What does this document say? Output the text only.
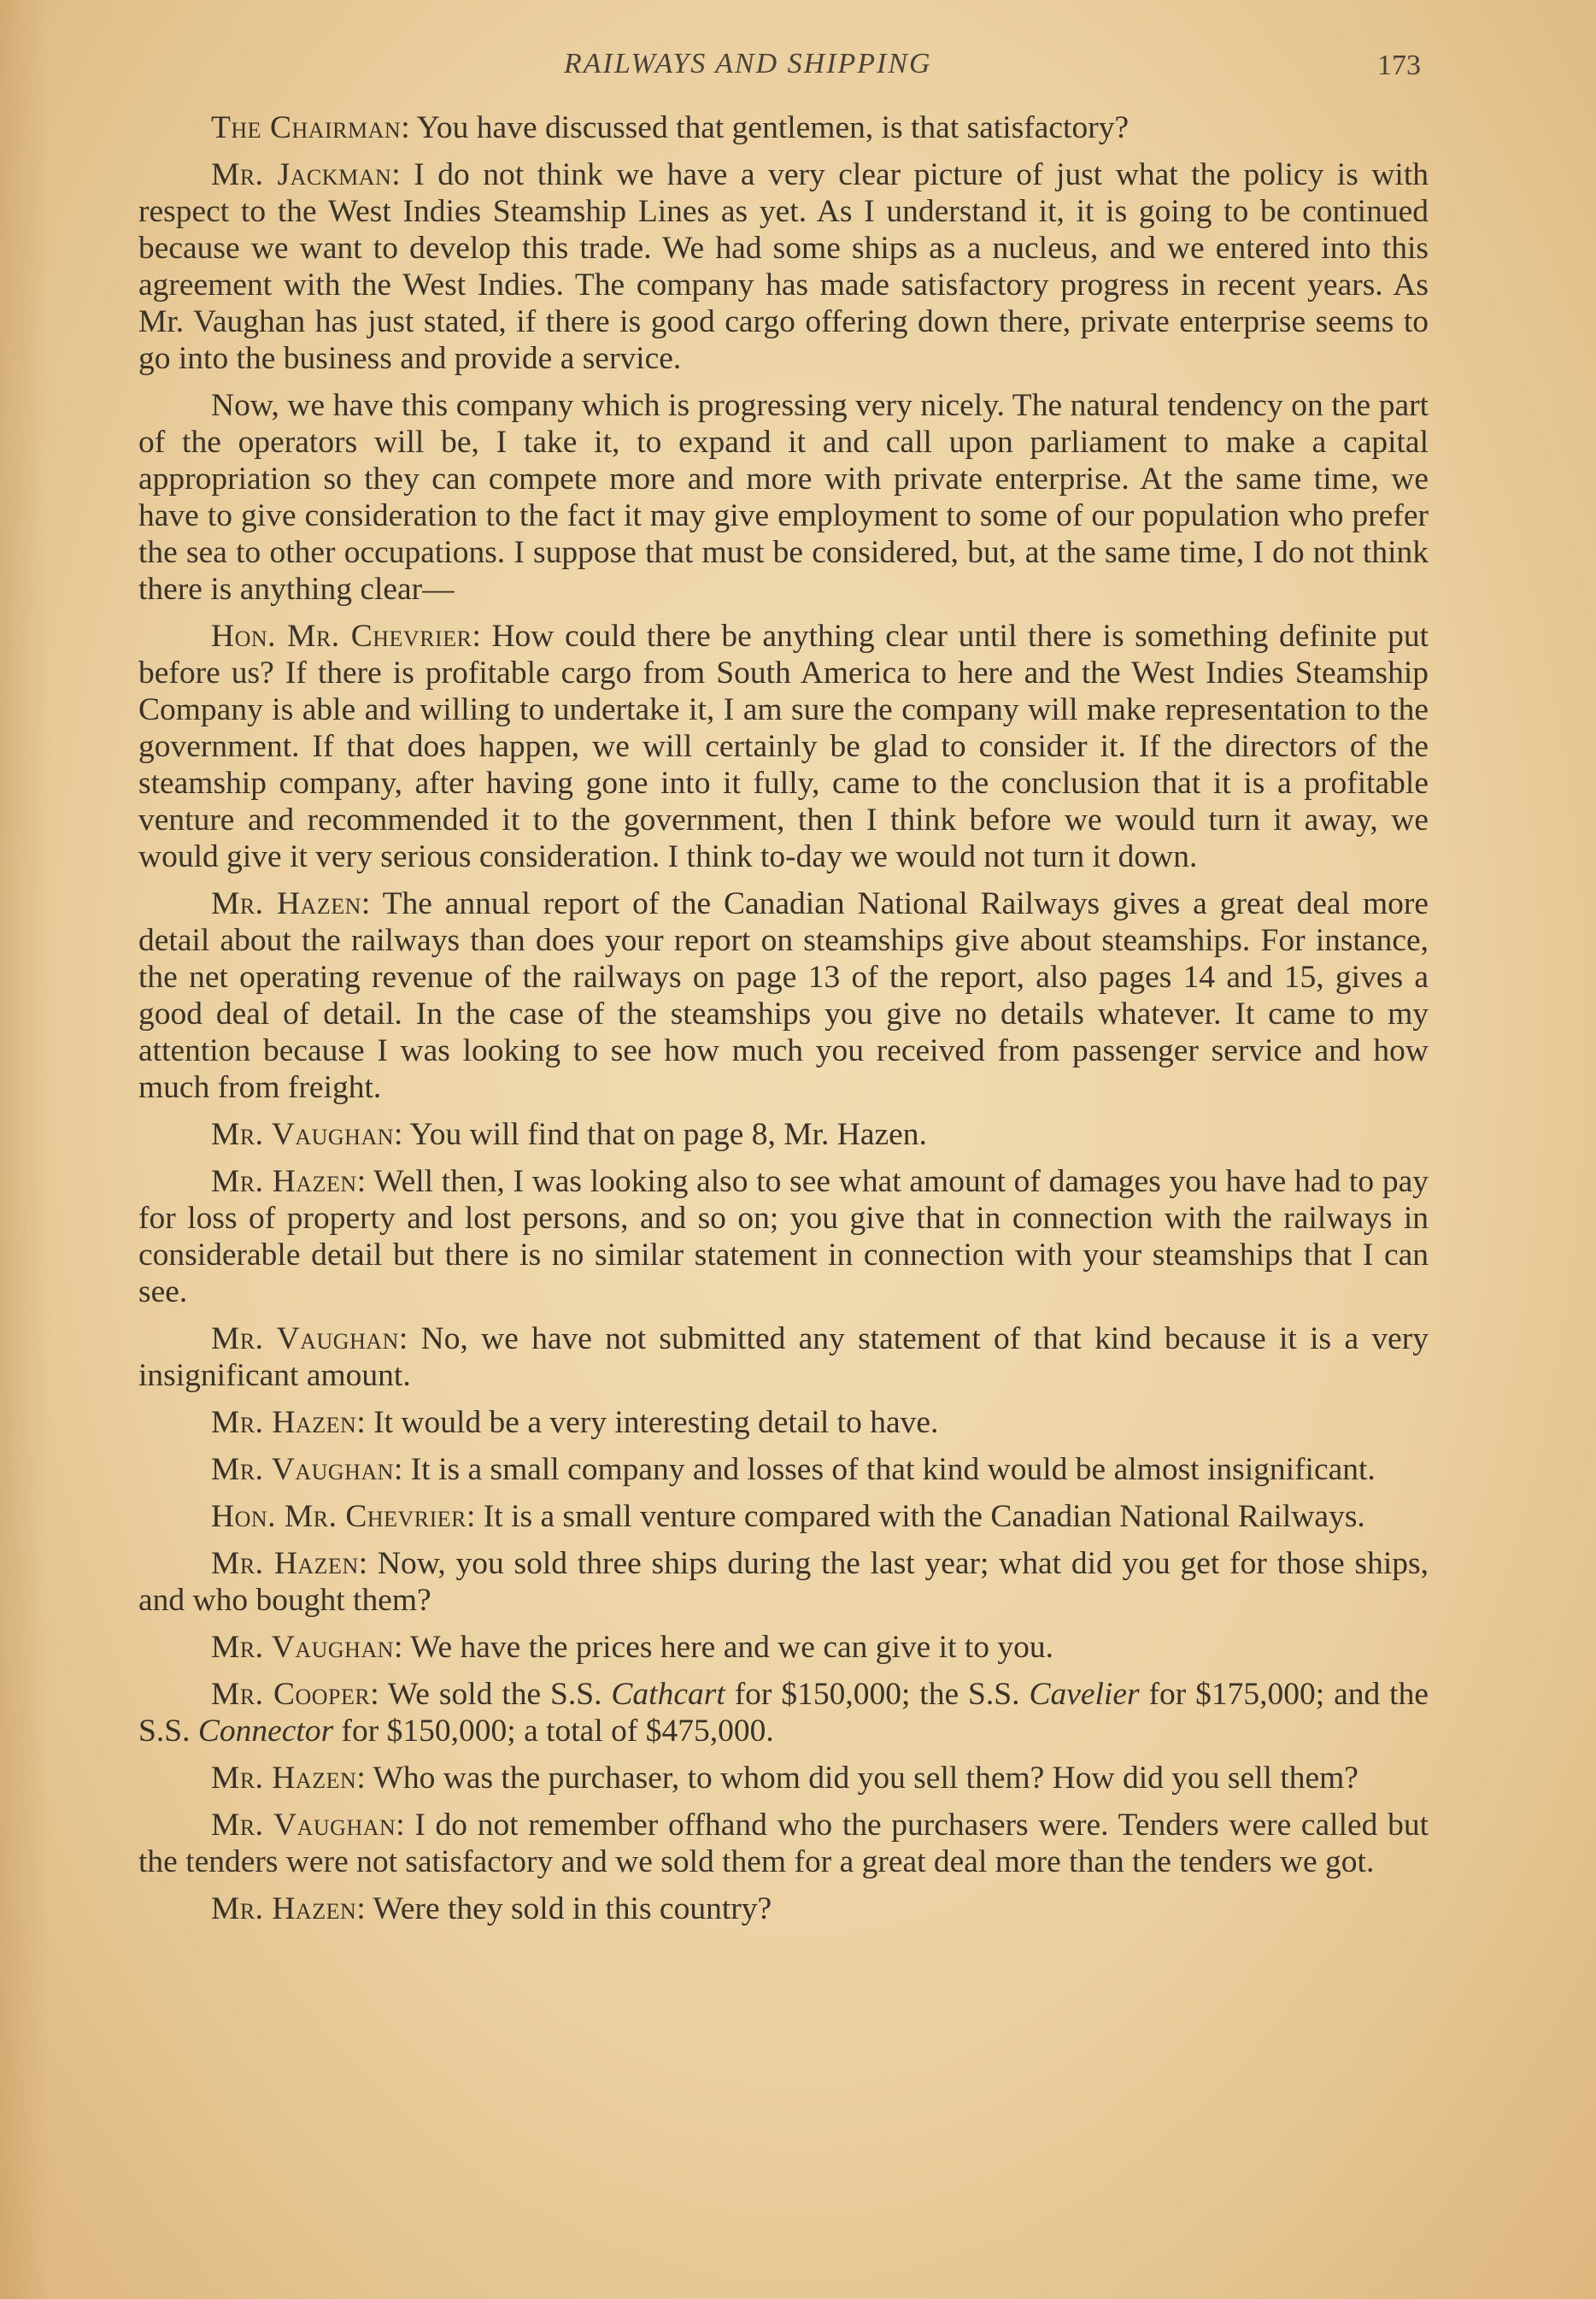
RAILWAYS AND SHIPPING	173

The Chairman: You have discussed that gentlemen, is that satisfactory?

Mr. Jackman: I do not think we have a very clear picture of just what the policy is with respect to the West Indies Steamship Lines as yet. As I understand it, it is going to be continued because we want to develop this trade. We had some ships as a nucleus, and we entered into this agreement with the West Indies. The company has made satisfactory progress in recent years. As Mr. Vaughan has just stated, if there is good cargo offering down there, private enterprise seems to go into the business and provide a service.

Now, we have this company which is progressing very nicely. The natural tendency on the part of the operators will be, I take it, to expand it and call upon parliament to make a capital appropriation so they can compete more and more with private enterprise. At the same time, we have to give consideration to the fact it may give employment to some of our population who prefer the sea to other occupations. I suppose that must be considered, but, at the same time, I do not think there is anything clear—

Hon. Mr. Chevrier: How could there be anything clear until there is something definite put before us? If there is profitable cargo from South America to here and the West Indies Steamship Company is able and willing to undertake it, I am sure the company will make representation to the government. If that does happen, we will certainly be glad to consider it. If the directors of the steamship company, after having gone into it fully, came to the conclusion that it is a profitable venture and recommended it to the government, then I think before we would turn it away, we would give it very serious consideration. I think to-day we would not turn it down.

Mr. Hazen: The annual report of the Canadian National Railways gives a great deal more detail about the railways than does your report on steamships give about steamships. For instance, the net operating revenue of the railways on page 13 of the report, also pages 14 and 15, gives a good deal of detail. In the case of the steamships you give no details whatever. It came to my attention because I was looking to see how much you received from passenger service and how much from freight.

Mr. Vaughan: You will find that on page 8, Mr. Hazen.

Mr. Hazen: Well then, I was looking also to see what amount of damages you have had to pay for loss of property and lost persons, and so on; you give that in connection with the railways in considerable detail but there is no similar statement in connection with your steamships that I can see.

Mr. Vaughan: No, we have not submitted any statement of that kind because it is a very insignificant amount.

Mr. Hazen: It would be a very interesting detail to have.

Mr. Vaughan: It is a small company and losses of that kind would be almost insignificant.

Hon. Mr. Chevrier: It is a small venture compared with the Canadian National Railways.

Mr. Hazen: Now, you sold three ships during the last year; what did you get for those ships, and who bought them?

Mr. Vaughan: We have the prices here and we can give it to you.

Mr. Cooper: We sold the S.S. Cathcart for $150,000; the S.S. Cavelier for $175,000; and the S.S. Connector for $150,000; a total of $475,000.

Mr. Hazen: Who was the purchaser, to whom did you sell them? How did you sell them?

Mr. Vaughan: I do not remember offhand who the purchasers were. Tenders were called but the tenders were not satisfactory and we sold them for a great deal more than the tenders we got.

Mr. Hazen: Were they sold in this country?
